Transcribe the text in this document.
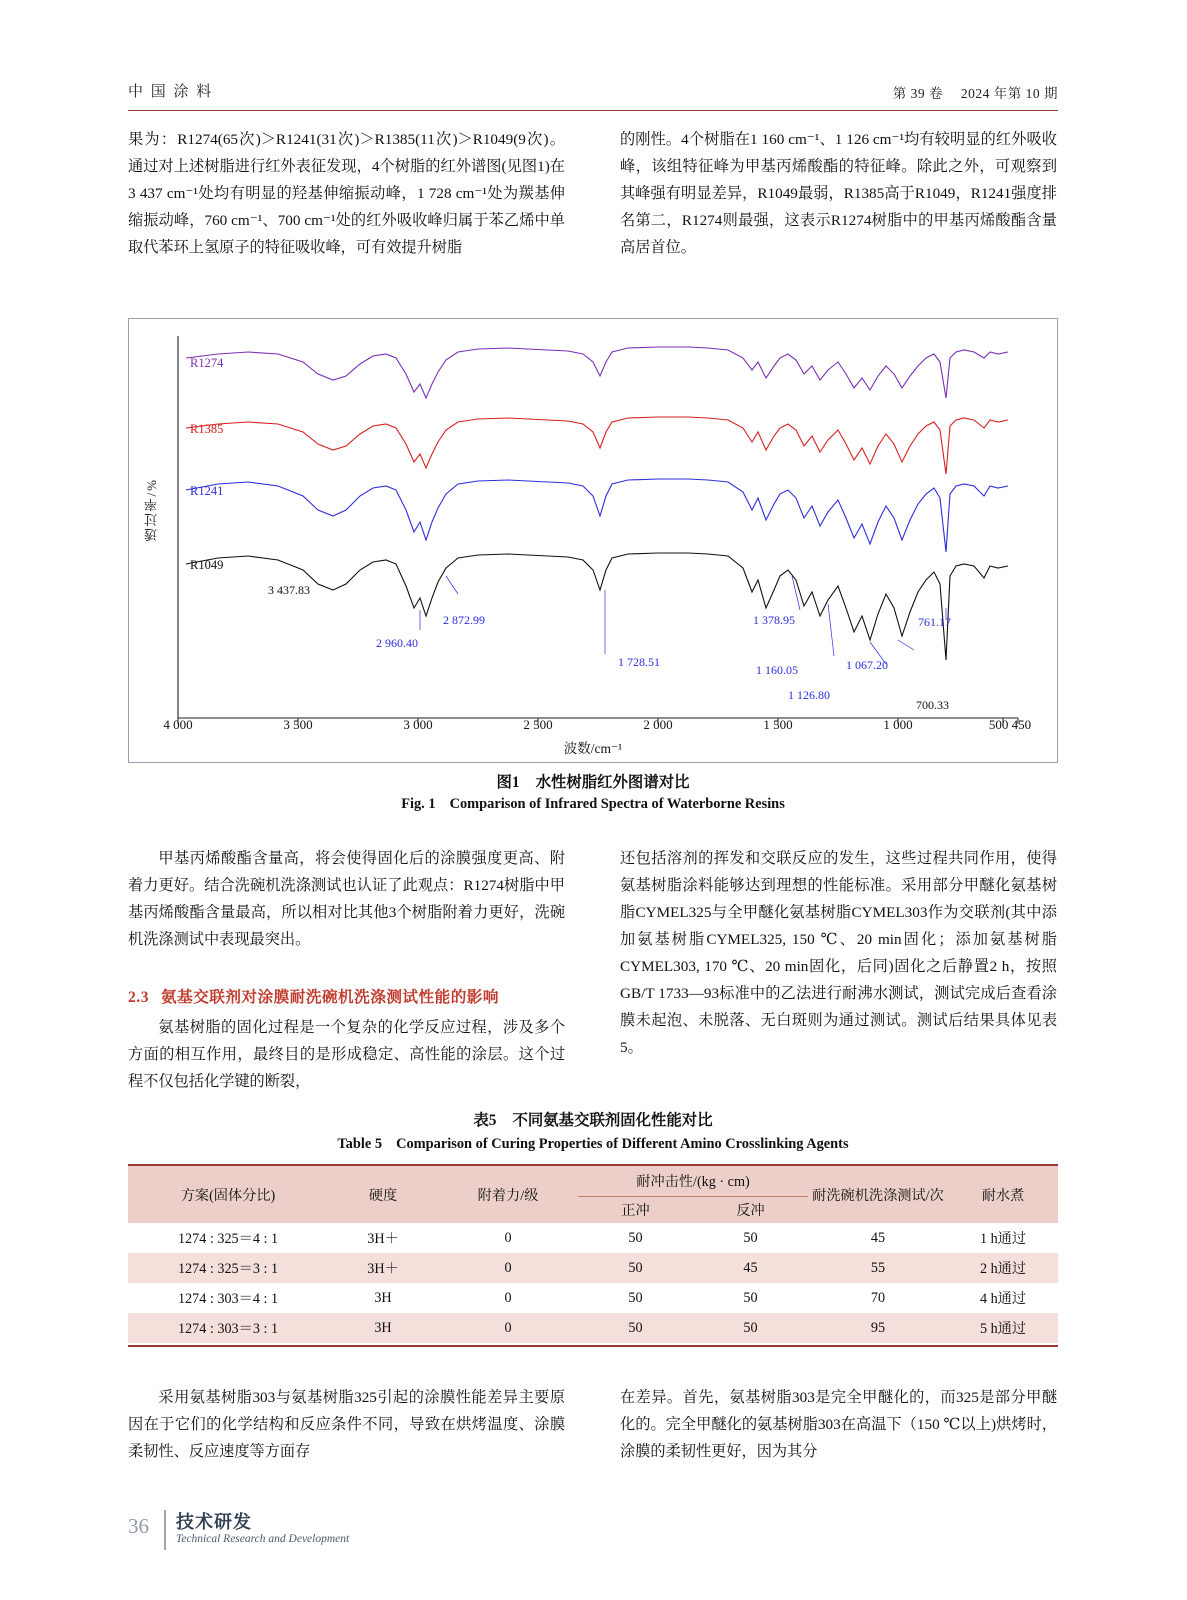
中 国 涂 料	第 39 卷 2024 年第 10 期

果为：R1274(65次)＞R1241(31次)＞R1385(11次)＞R1049(9次)。通过对上述树脂进行红外表征发现，4个树脂的红外谱图(见图1)在3 437 cm⁻¹处均有明显的羟基伸缩振动峰，1 728 cm⁻¹处为羰基伸缩振动峰，760 cm⁻¹、700 cm⁻¹处的红外吸收峰归属于苯乙烯中单取代苯环上氢原子的特征吸收峰，可有效提升树脂

的刚性。4个树脂在1 160 cm⁻¹、1 126 cm⁻¹均有较明显的红外吸收峰，该组特征峰为甲基丙烯酸酯的特征峰。除此之外，可观察到其峰强有明显差异，R1049最弱，R1385高于R1049，R1241强度排名第二，R1274则最强，这表示R1274树脂中的甲基丙烯酸酯含量高居首位。

透过率/%
R1274
R1385
R1241
R1049
3 437.83
2 960.40
2 872.99
1 728.51
1 160.05
1 126.80
1 378.95
1 067.20
761.17
700.33
4 000	3 500	3 000	2 500	2 000	1 500	1 000	500 450
波数/cm⁻¹
图1 水性树脂红外图谱对比
Fig. 1 Comparison of Infrared Spectra of Waterborne Resins

甲基丙烯酸酯含量高，将会使得固化后的涂膜强度更高、附着力更好。结合洗碗机洗涤测试也认证了此观点：R1274树脂中甲基丙烯酸酯含量最高，所以相对比其他3个树脂附着力更好，洗碗机洗涤测试中表现最突出。

还包括溶剂的挥发和交联反应的发生，这些过程共同作用，使得氨基树脂涂料能够达到理想的性能标准。采用部分甲醚化氨基树脂CYMEL325与全甲醚化氨基树脂CYMEL303作为交联剂(其中添加氨基树脂CYMEL325, 150 ℃、20 min固化；添加氨基树脂CYMEL303, 170 ℃、20 min固化，后同)固化之后静置2 h，按照GB/T 1733—93标准中的乙法进行耐沸水测试，测试完成后查看涂膜未起泡、未脱落、无白斑则为通过测试。测试后结果具体见表5。

2.3 氨基交联剂对涂膜耐洗碗机洗涤测试性能的影响

氨基树脂的固化过程是一个复杂的化学反应过程，涉及多个方面的相互作用，最终目的是形成稳定、高性能的涂层。这个过程不仅包括化学键的断裂，

表5 不同氨基交联剂固化性能对比
Table 5 Comparison of Curing Properties of Different Amino Crosslinking Agents
方案(固体分比)	硬度	附着力/级	耐冲击性/(kg · cm)		耐洗碗机洗涤测试/次	耐水煮
			正冲	反冲		
1274 : 325＝4 : 1	3H＋	0	50	50	45	1 h通过
1274 : 325＝3 : 1	3H＋	0	50	45	55	2 h通过
1274 : 303＝4 : 1	3H	0	50	50	70	4 h通过
1274 : 303＝3 : 1	3H	0	50	50	95	5 h通过

采用氨基树脂303与氨基树脂325引起的涂膜性能差异主要原因在于它们的化学结构和反应条件不同，导致在烘烤温度、涂膜柔韧性、反应速度等方面存

在差异。首先，氨基树脂303是完全甲醚化的，而325是部分甲醚化的。完全甲醚化的氨基树脂303在高温下（150 ℃以上)烘烤时，涂膜的柔韧性更好，因为其分

36 技术研发
Technical Research and Development
